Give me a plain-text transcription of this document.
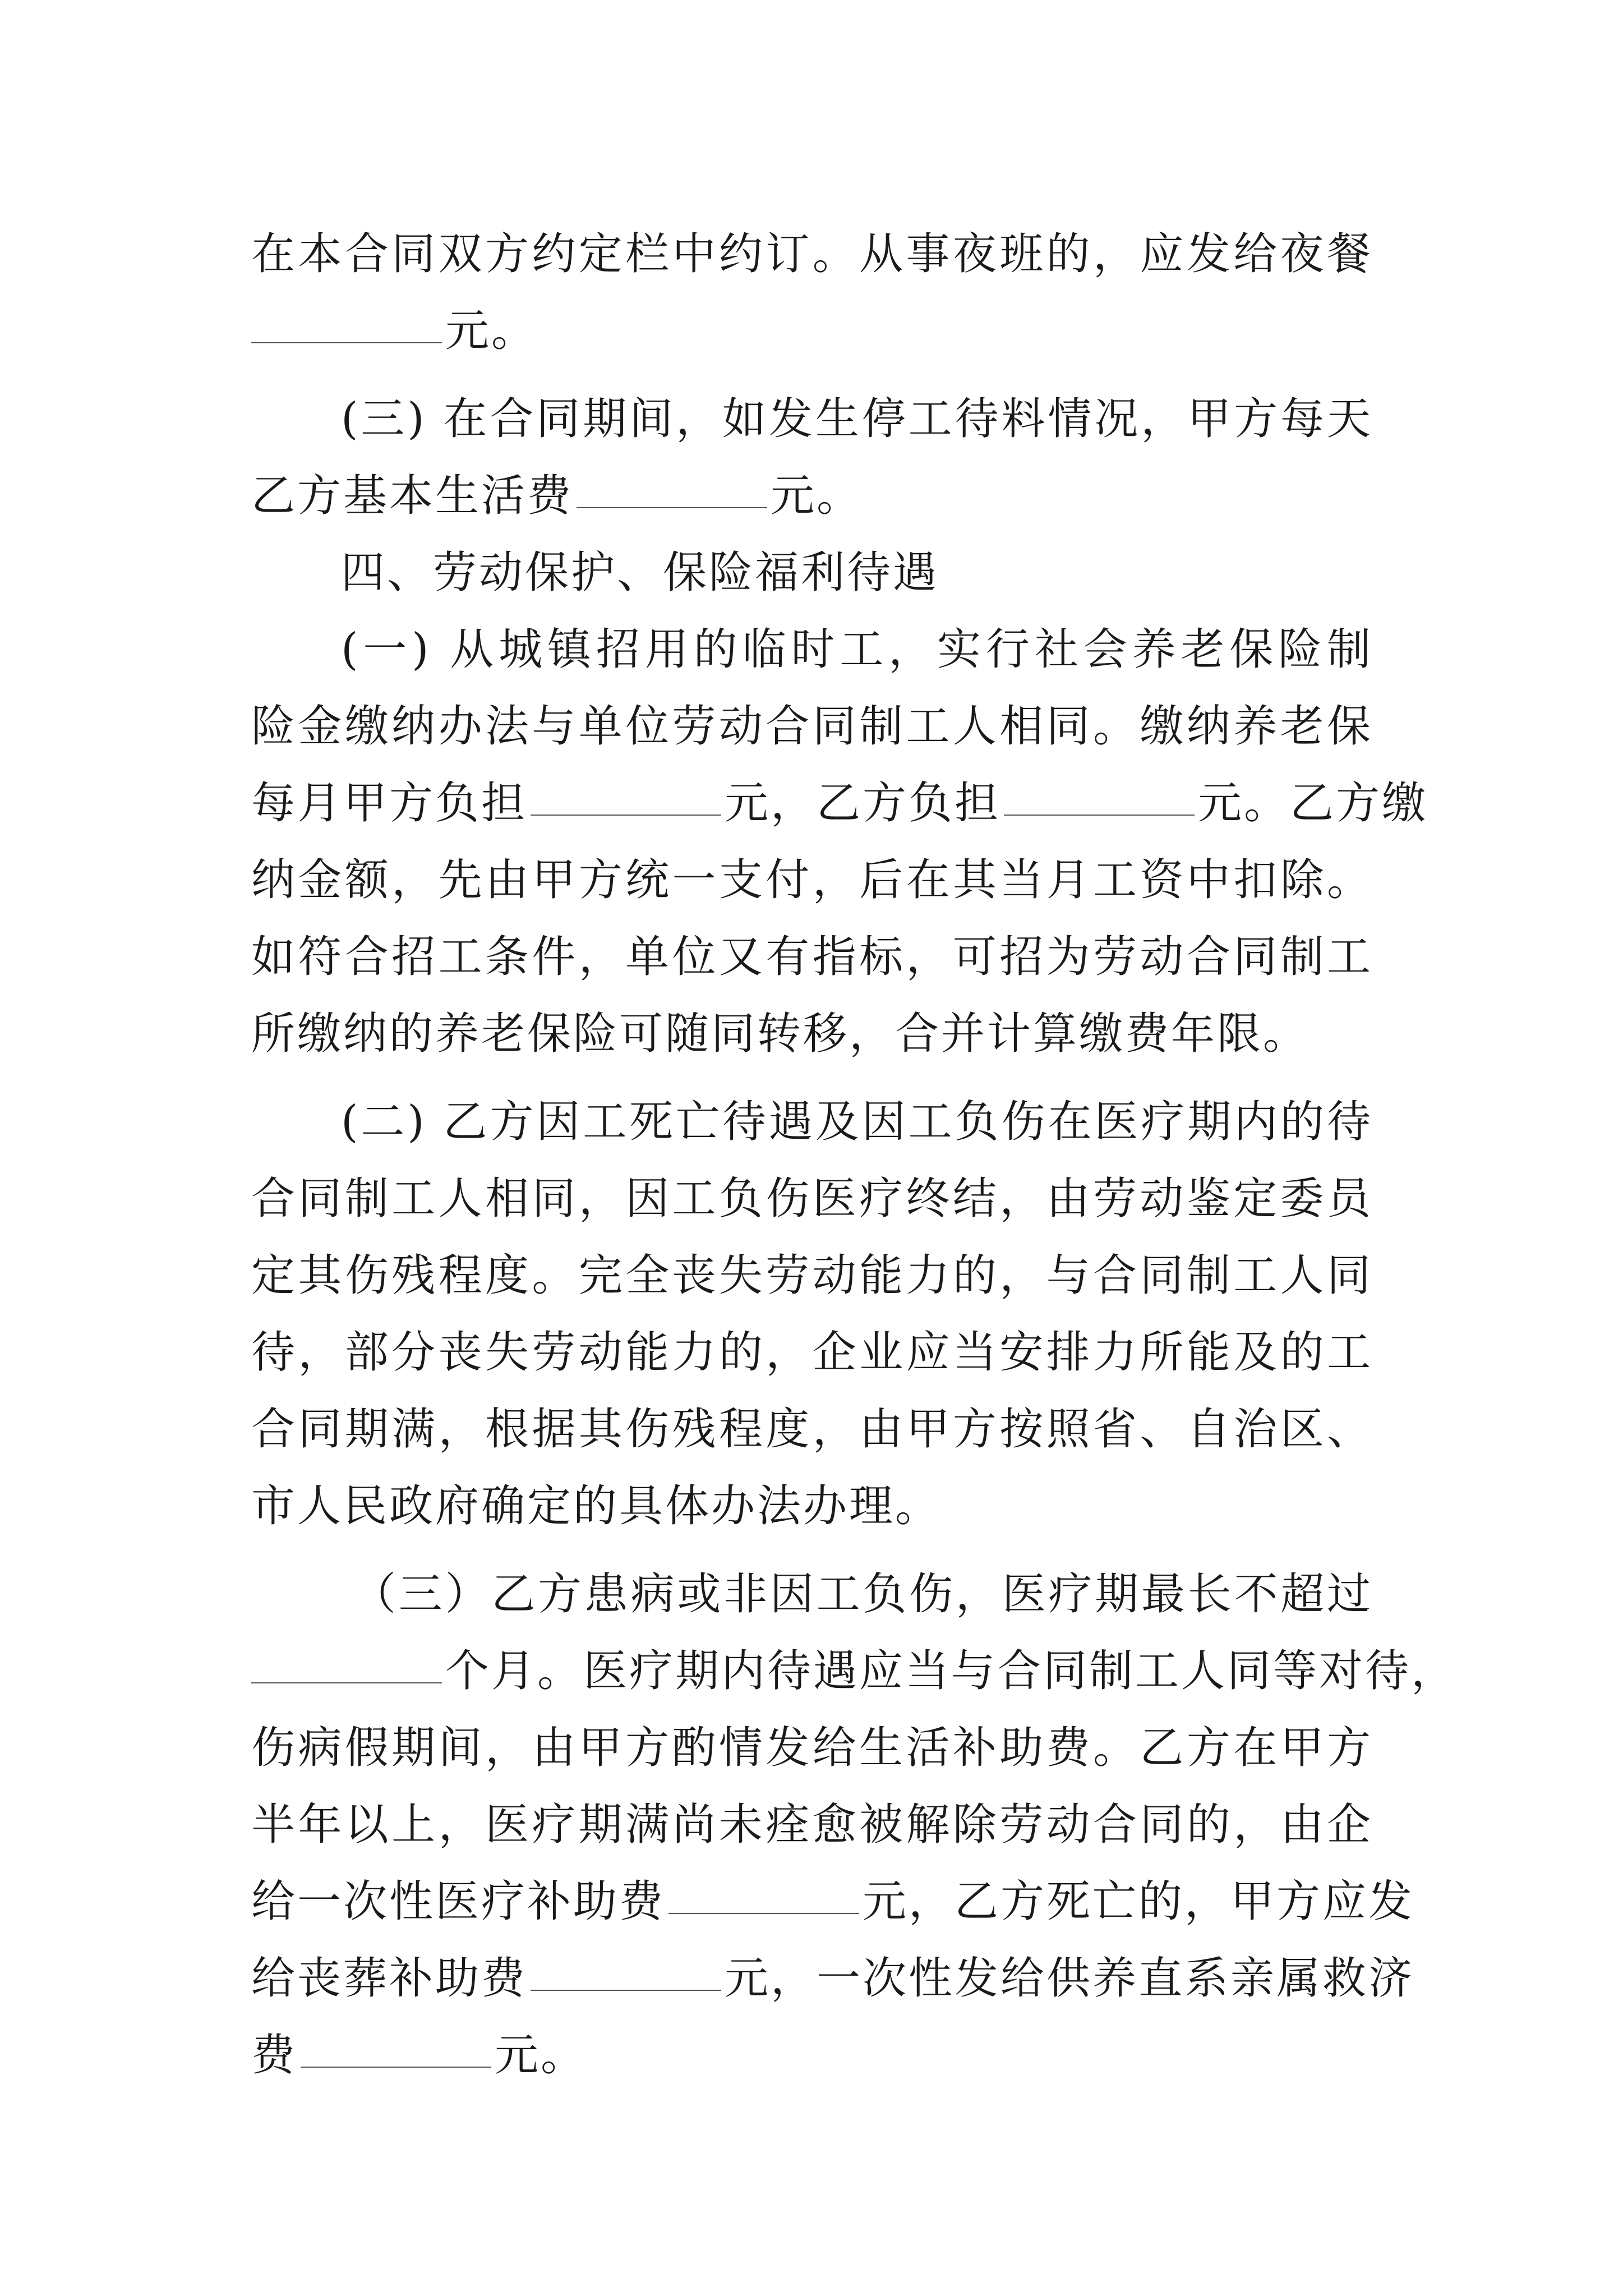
在本合同双方约定栏中约订。从事夜班的，应发给夜餐
元。
(三) 在合同期间，如发生停工待料情况，甲方每天
乙方基本生活费	元。
四、劳动保护、保险福利待遇
(一) 从城镇招用的临时工，实行社会养老保险制
险金缴纳办法与单位劳动合同制工人相同。缴纳养老保
每月甲方负担	元，乙方负担	元。乙方缴
纳金额，先由甲方统一支付，后在其当月工资中扣除。
如符合招工条件，单位又有指标，可招为劳动合同制工
所缴纳的养老保险可随同转移，合并计算缴费年限。
(二) 乙方因工死亡待遇及因工负伤在医疗期内的待
合同制工人相同，因工负伤医疗终结，由劳动鉴定委员
定其伤残程度。完全丧失劳动能力的，与合同制工人同
待，部分丧失劳动能力的，企业应当安排力所能及的工
合同期满，根据其伤残程度，由甲方按照省、自治区、
市人民政府确定的具体办法办理。
（三）乙方患病或非因工负伤，医疗期最长不超过
个月。医疗期内待遇应当与合同制工人同等对待，
伤病假期间，由甲方酌情发给生活补助费。乙方在甲方
半年以上，医疗期满尚未痊愈被解除劳动合同的，由企
给一次性医疗补助费	元，乙方死亡的，甲方应发
给丧葬补助费	元，一次性发给供养直系亲属救济
费	元。
